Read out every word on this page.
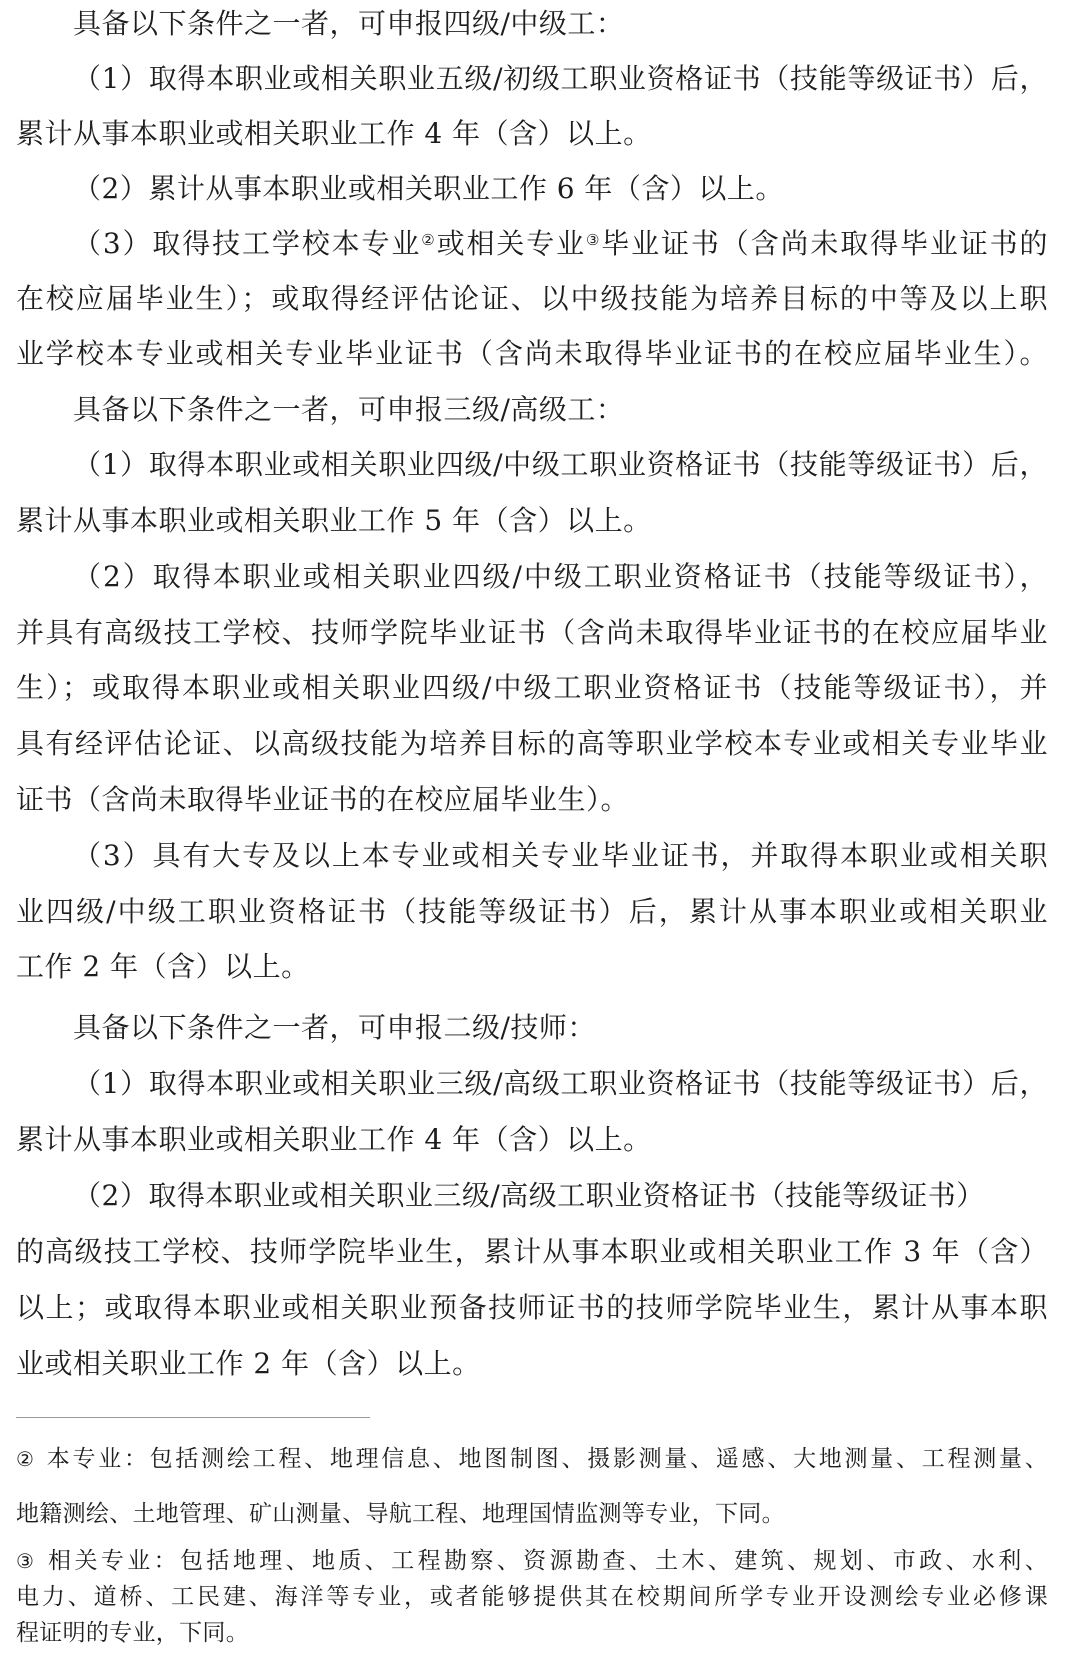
具备以下条件之一者，可申报四级/中级工：
（1）取得本职业或相关职业五级/初级工职业资格证书（技能等级证书）后，
累计从事本职业或相关职业工作 4 年（含）以上。
（2）累计从事本职业或相关职业工作 6 年（含）以上。
（3）取得技工学校本专业②或相关专业③毕业证书（含尚未取得毕业证书的
在校应届毕业生）；或取得经评估论证、以中级技能为培养目标的中等及以上职
业学校本专业或相关专业毕业证书（含尚未取得毕业证书的在校应届毕业生）。
具备以下条件之一者，可申报三级/高级工：
（1）取得本职业或相关职业四级/中级工职业资格证书（技能等级证书）后，
累计从事本职业或相关职业工作 5 年（含）以上。
（2）取得本职业或相关职业四级/中级工职业资格证书（技能等级证书），
并具有高级技工学校、技师学院毕业证书（含尚未取得毕业证书的在校应届毕业
生）；或取得本职业或相关职业四级/中级工职业资格证书（技能等级证书），并
具有经评估论证、以高级技能为培养目标的高等职业学校本专业或相关专业毕业
证书（含尚未取得毕业证书的在校应届毕业生）。
（3）具有大专及以上本专业或相关专业毕业证书，并取得本职业或相关职
业四级/中级工职业资格证书（技能等级证书）后，累计从事本职业或相关职业
工作 2 年（含）以上。
具备以下条件之一者，可申报二级/技师：
（1）取得本职业或相关职业三级/高级工职业资格证书（技能等级证书）后，
累计从事本职业或相关职业工作 4 年（含）以上。
（2）取得本职业或相关职业三级/高级工职业资格证书（技能等级证书）
的高级技工学校、技师学院毕业生，累计从事本职业或相关职业工作 3 年（含）
以上；或取得本职业或相关职业预备技师证书的技师学院毕业生，累计从事本职
业或相关职业工作 2 年（含）以上。
② 本专业：包括测绘工程、地理信息、地图制图、摄影测量、遥感、大地测量、工程测量、
地籍测绘、土地管理、矿山测量、导航工程、地理国情监测等专业，下同。
③ 相关专业：包括地理、地质、工程勘察、资源勘查、土木、建筑、规划、市政、水利、
电力、道桥、工民建、海洋等专业，或者能够提供其在校期间所学专业开设测绘专业必修课
程证明的专业，下同。
